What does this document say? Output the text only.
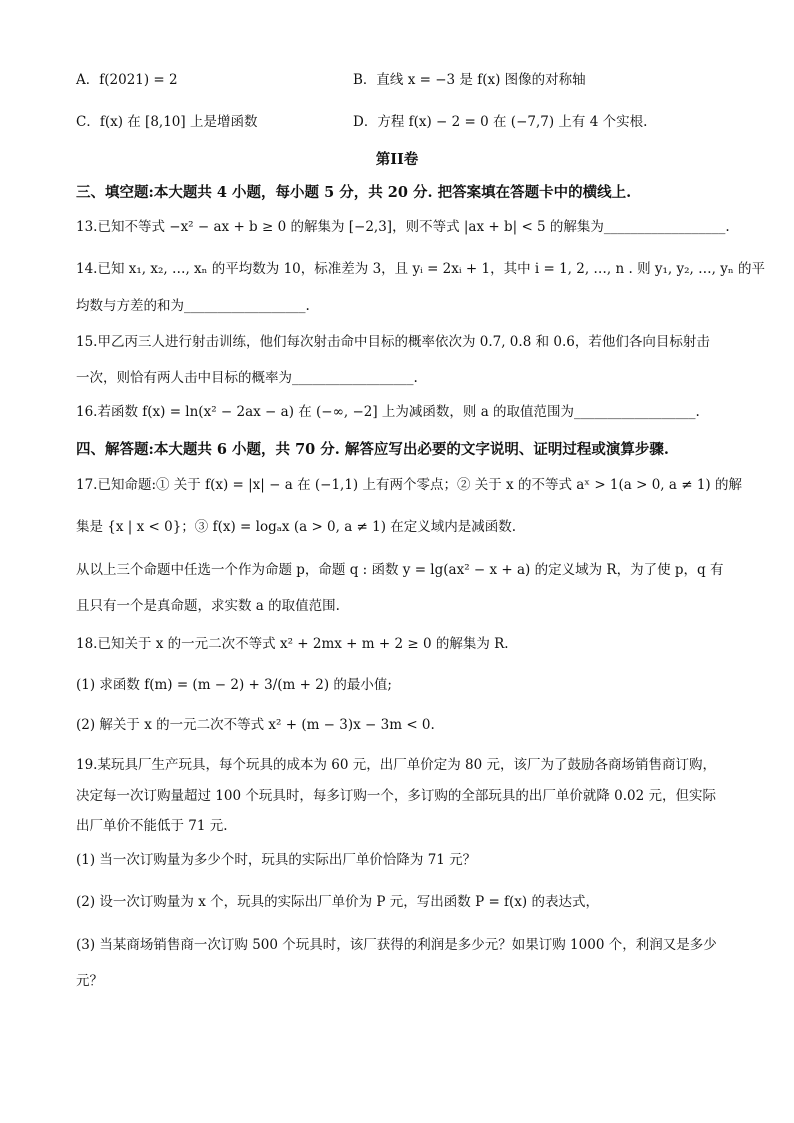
A．f(2021) = 2	B．直线 x = −3 是 f(x) 图像的对称轴
C．f(x) 在 [8,10] 上是增函数	D．方程 f(x) − 2 = 0 在 (−7,7) 上有 4 个实根.
第II卷
三、填空题:本大题共 4 小题，每小题 5 分，共 20 分. 把答案填在答题卡中的横线上.
13.已知不等式 −x² − ax + b ≥ 0 的解集为 [−2,3]，则不等式 |ax + b| < 5 的解集为__________________.
14.已知 x₁, x₂, …, xₙ 的平均数为 10，标准差为 3，且 yᵢ = 2xᵢ + 1，其中 i = 1, 2, …, n . 则 y₁, y₂, …, yₙ 的平
均数与方差的和为__________________.
15.甲乙丙三人进行射击训练，他们每次射击命中目标的概率依次为 0.7, 0.8 和 0.6，若他们各向目标射击
一次，则恰有两人击中目标的概率为__________________.
16.若函数 f(x) = ln(x² − 2ax − a) 在 (−∞, −2] 上为减函数，则 a 的取值范围为__________________.
四、解答题:本大题共 6 小题，共 70 分. 解答应写出必要的文字说明、证明过程或演算步骤.
17.已知命题:① 关于 f(x) = |x| − a 在 (−1,1) 上有两个零点；② 关于 x 的不等式 aˣ > 1(a > 0, a ≠ 1) 的解
集是 {x | x < 0}；③ f(x) = logₐx (a > 0, a ≠ 1) 在定义域内是减函数.
从以上三个命题中任选一个作为命题 p，命题 q : 函数 y = lg(ax² − x + a) 的定义域为 R，为了使 p，q 有
且只有一个是真命题，求实数 a 的取值范围.
18.已知关于 x 的一元二次不等式 x² + 2mx + m + 2 ≥ 0 的解集为 R.
(1) 求函数 f(m) = (m − 2) + 3/(m + 2) 的最小值;
(2) 解关于 x 的一元二次不等式 x² + (m − 3)x − 3m < 0.
19.某玩具厂生产玩具，每个玩具的成本为 60 元，出厂单价定为 80 元，该厂为了鼓励各商场销售商订购，
决定每一次订购量超过 100 个玩具时，每多订购一个，多订购的全部玩具的出厂单价就降 0.02 元，但实际
出厂单价不能低于 71 元.
(1) 当一次订购量为多少个时，玩具的实际出厂单价恰降为 71 元？
(2) 设一次订购量为 x 个，玩具的实际出厂单价为 P 元，写出函数 P = f(x) 的表达式，
(3) 当某商场销售商一次订购 500 个玩具时，该厂获得的利润是多少元？如果订购 1000 个，利润又是多少
元？
